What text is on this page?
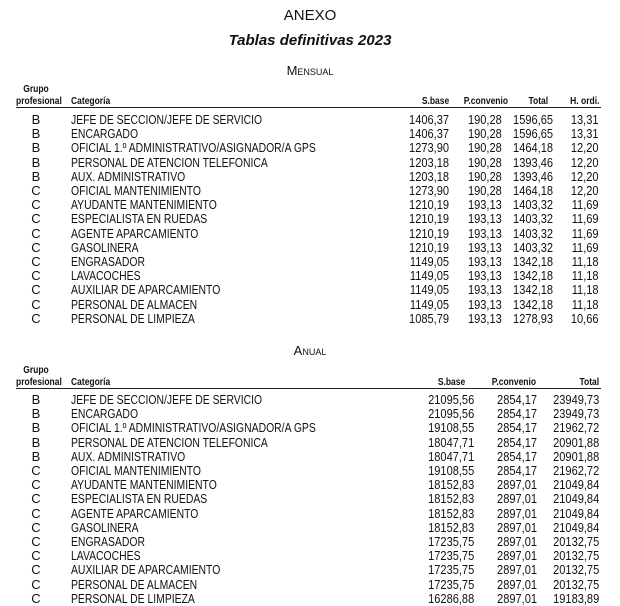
ANEXO
Tablas definitivas 2023
Mensual
Grupo
profesional Categoría	S.base P.convenio Total H. ordi.
B	JEFE DE SECCION/JEFE DE SERVICIO	1406,37 190,28 1596,65 13,31
B	ENCARGADO	1406,37 190,28 1596,65 13,31
B	OFICIAL 1.º ADMINISTRATIVO/ASIGNADOR/A GPS	1273,90 190,28 1464,18 12,20
B	PERSONAL DE ATENCION TELEFONICA	1203,18 190,28 1393,46 12,20
B	AUX. ADMINISTRATIVO	1203,18 190,28 1393,46 12,20
C	OFICIAL MANTENIMIENTO	1273,90 190,28 1464,18 12,20
C	AYUDANTE MANTENIMIENTO	1210,19 193,13 1403,32 11,69
C	ESPECIALISTA EN RUEDAS	1210,19 193,13 1403,32 11,69
C	AGENTE APARCAMIENTO	1210,19 193,13 1403,32 11,69
C	GASOLINERA	1210,19 193,13 1403,32 11,69
C	ENGRASADOR	1149,05 193,13 1342,18 11,18
C	LAVACOCHES	1149,05 193,13 1342,18 11,18
C	AUXILIAR DE APARCAMIENTO	1149,05 193,13 1342,18 11,18
C	PERSONAL DE ALMACEN	1149,05 193,13 1342,18 11,18
C	PERSONAL DE LIMPIEZA	1085,79 193,13 1278,93 10,66
Anual
Grupo
profesional Categoría	S.base	P.convenio	Total
B	JEFE DE SECCION/JEFE DE SERVICIO	21095,56 2854,17 23949,73
B	ENCARGADO	21095,56 2854,17 23949,73
B	OFICIAL 1.º ADMINISTRATIVO/ASIGNADOR/A GPS	19108,55 2854,17 21962,72
B	PERSONAL DE ATENCION TELEFONICA	18047,71 2854,17 20901,88
B	AUX. ADMINISTRATIVO	18047,71 2854,17 20901,88
C	OFICIAL MANTENIMIENTO	19108,55 2854,17 21962,72
C	AYUDANTE MANTENIMIENTO	18152,83 2897,01 21049,84
C	ESPECIALISTA EN RUEDAS	18152,83 2897,01 21049,84
C	AGENTE APARCAMIENTO	18152,83 2897,01 21049,84
C	GASOLINERA	18152,83 2897,01 21049,84
C	ENGRASADOR	17235,75 2897,01 20132,75
C	LAVACOCHES	17235,75 2897,01 20132,75
C	AUXILIAR DE APARCAMIENTO	17235,75 2897,01 20132,75
C	PERSONAL DE ALMACEN	17235,75 2897,01 20132,75
C	PERSONAL DE LIMPIEZA	16286,88 2897,01 19183,89
